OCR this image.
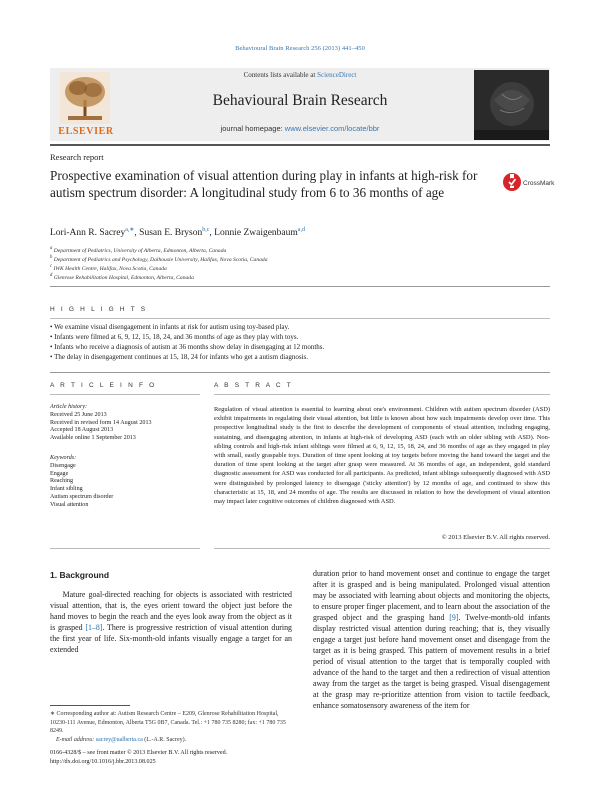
Behavioural Brain Research 256 (2013) 441–450
Contents lists available at ScienceDirect
ELSEVIER
Behavioural Brain Research
journal homepage: www.elsevier.com/locate/bbr
Research report
Prospective examination of visual attention during play in infants at high-risk for autism spectrum disorder: A longitudinal study from 6 to 36 months of age
CrossMark
Lori-Ann R. Sacrey$^{a,∗}$, Susan E. Bryson$^{b,c}$, Lonnie Zwaigenbaum$^{a,d}$
$^a$ Department of Pediatrics, University of Alberta, Edmonton, Alberta, Canada
$^b$ Department of Pediatrics and Psychology, Dalhousie University, Halifax, Nova Scotia, Canada
$^c$ IWK Health Centre, Halifax, Nova Scotia, Canada
$^d$ Glenrose Rehabilitation Hospital, Edmonton, Alberta, Canada
H I G H L I G H T S
• We examine visual disengagement in infants at risk for autism using toy-based play.
• Infants were filmed at 6, 9, 12, 15, 18, 24, and 36 months of age as they play with toys.
• Infants who receive a diagnosis of autism at 36 months show delay in disengaging at 12 months.
• The delay in disengagement continues at 15, 18, 24 for infants who get a autism diagnosis.
A R T I C L E I N F O	A B S T R A C T
Article history:
Received 25 June 2013
Received in revised form 14 August 2013
Accepted 18 August 2013
Available online 1 September 2013
Keywords:
Disengage
Engage
Reaching
Infant sibling
Autism spectrum disorder
Visual attention
Regulation of visual attention is essential to learning about one's environment. Children with autism spectrum disorder (ASD) exhibit impairments in regulating their visual attention, but little is known about how such impairments develop over time. This prospective longitudinal study is the first to describe the development of components of visual attention, including engaging, sustaining, and disengaging attention, in infants at high-risk of developing ASD (each with an older sibling with ASD). Non-sibling controls and high-risk infant siblings were filmed at 6, 9, 12, 15, 18, 24, and 36 months of age as they engaged in play with small, easily graspable toys. Duration of time spent looking at toy targets before moving the hand toward the target and the duration of time spent looking at the target after grasp were measured. At 36 months of age, an independent, gold standard diagnostic assessment for ASD was conducted for all participants. As predicted, infant siblings subsequently diagnosed with ASD were distinguished by prolonged latency to disengage ('sticky attention') by 12 months of age, and continued to show this characteristic at 15, 18, and 24 months of age. The results are discussed in relation to how the development of visual attention may impact later cognitive outcomes of children diagnosed with ASD.
© 2013 Elsevier B.V. All rights reserved.
1. Background
Mature goal-directed reaching for objects is associated with restricted visual attention, that is, the eyes orient toward the object just before the hand moves to begin the reach and the eyes look away from the object as it is grasped [1–8]. There is progressive restriction of visual attention during the first year of life. Six-month-old infants visually engage a target for an extended
duration prior to hand movement onset and continue to engage the target after it is grasped and is being manipulated. Prolonged visual attention may be associated with learning about objects and monitoring the objects, to ensure proper finger placement, and to learn about the association of the grasped object and the grasping hand [9]. Twelve-month-old infants display restricted visual attention during reaching; that is, they visually engage a target just before hand movement onset and disengage from the target as it is being grasped. This pattern of movement results in a brief period of visual attention to the target that is temporally coupled with advance of the hand to the target and then a redirection of visual attention away from the target as the target is being grasped. Visual disengagement at the grasp may re-prioritize attention from vision to tactile feedback, enhance somatosensory awareness of the item for
∗ Corresponding author at: Autism Research Centre – E209, Glenrose Rehabilitation Hospital, 10230-111 Avenue, Edmonton, Alberta T5G 0B7, Canada. Tel.: +1 780 735 8280; fax: +1 780 735 8249.
E-mail address: sacrey@ualberta.ca (L.-A.R. Sacrey).
0166-4328/$ – see front matter © 2013 Elsevier B.V. All rights reserved.
http://dx.doi.org/10.1016/j.bbr.2013.08.025
